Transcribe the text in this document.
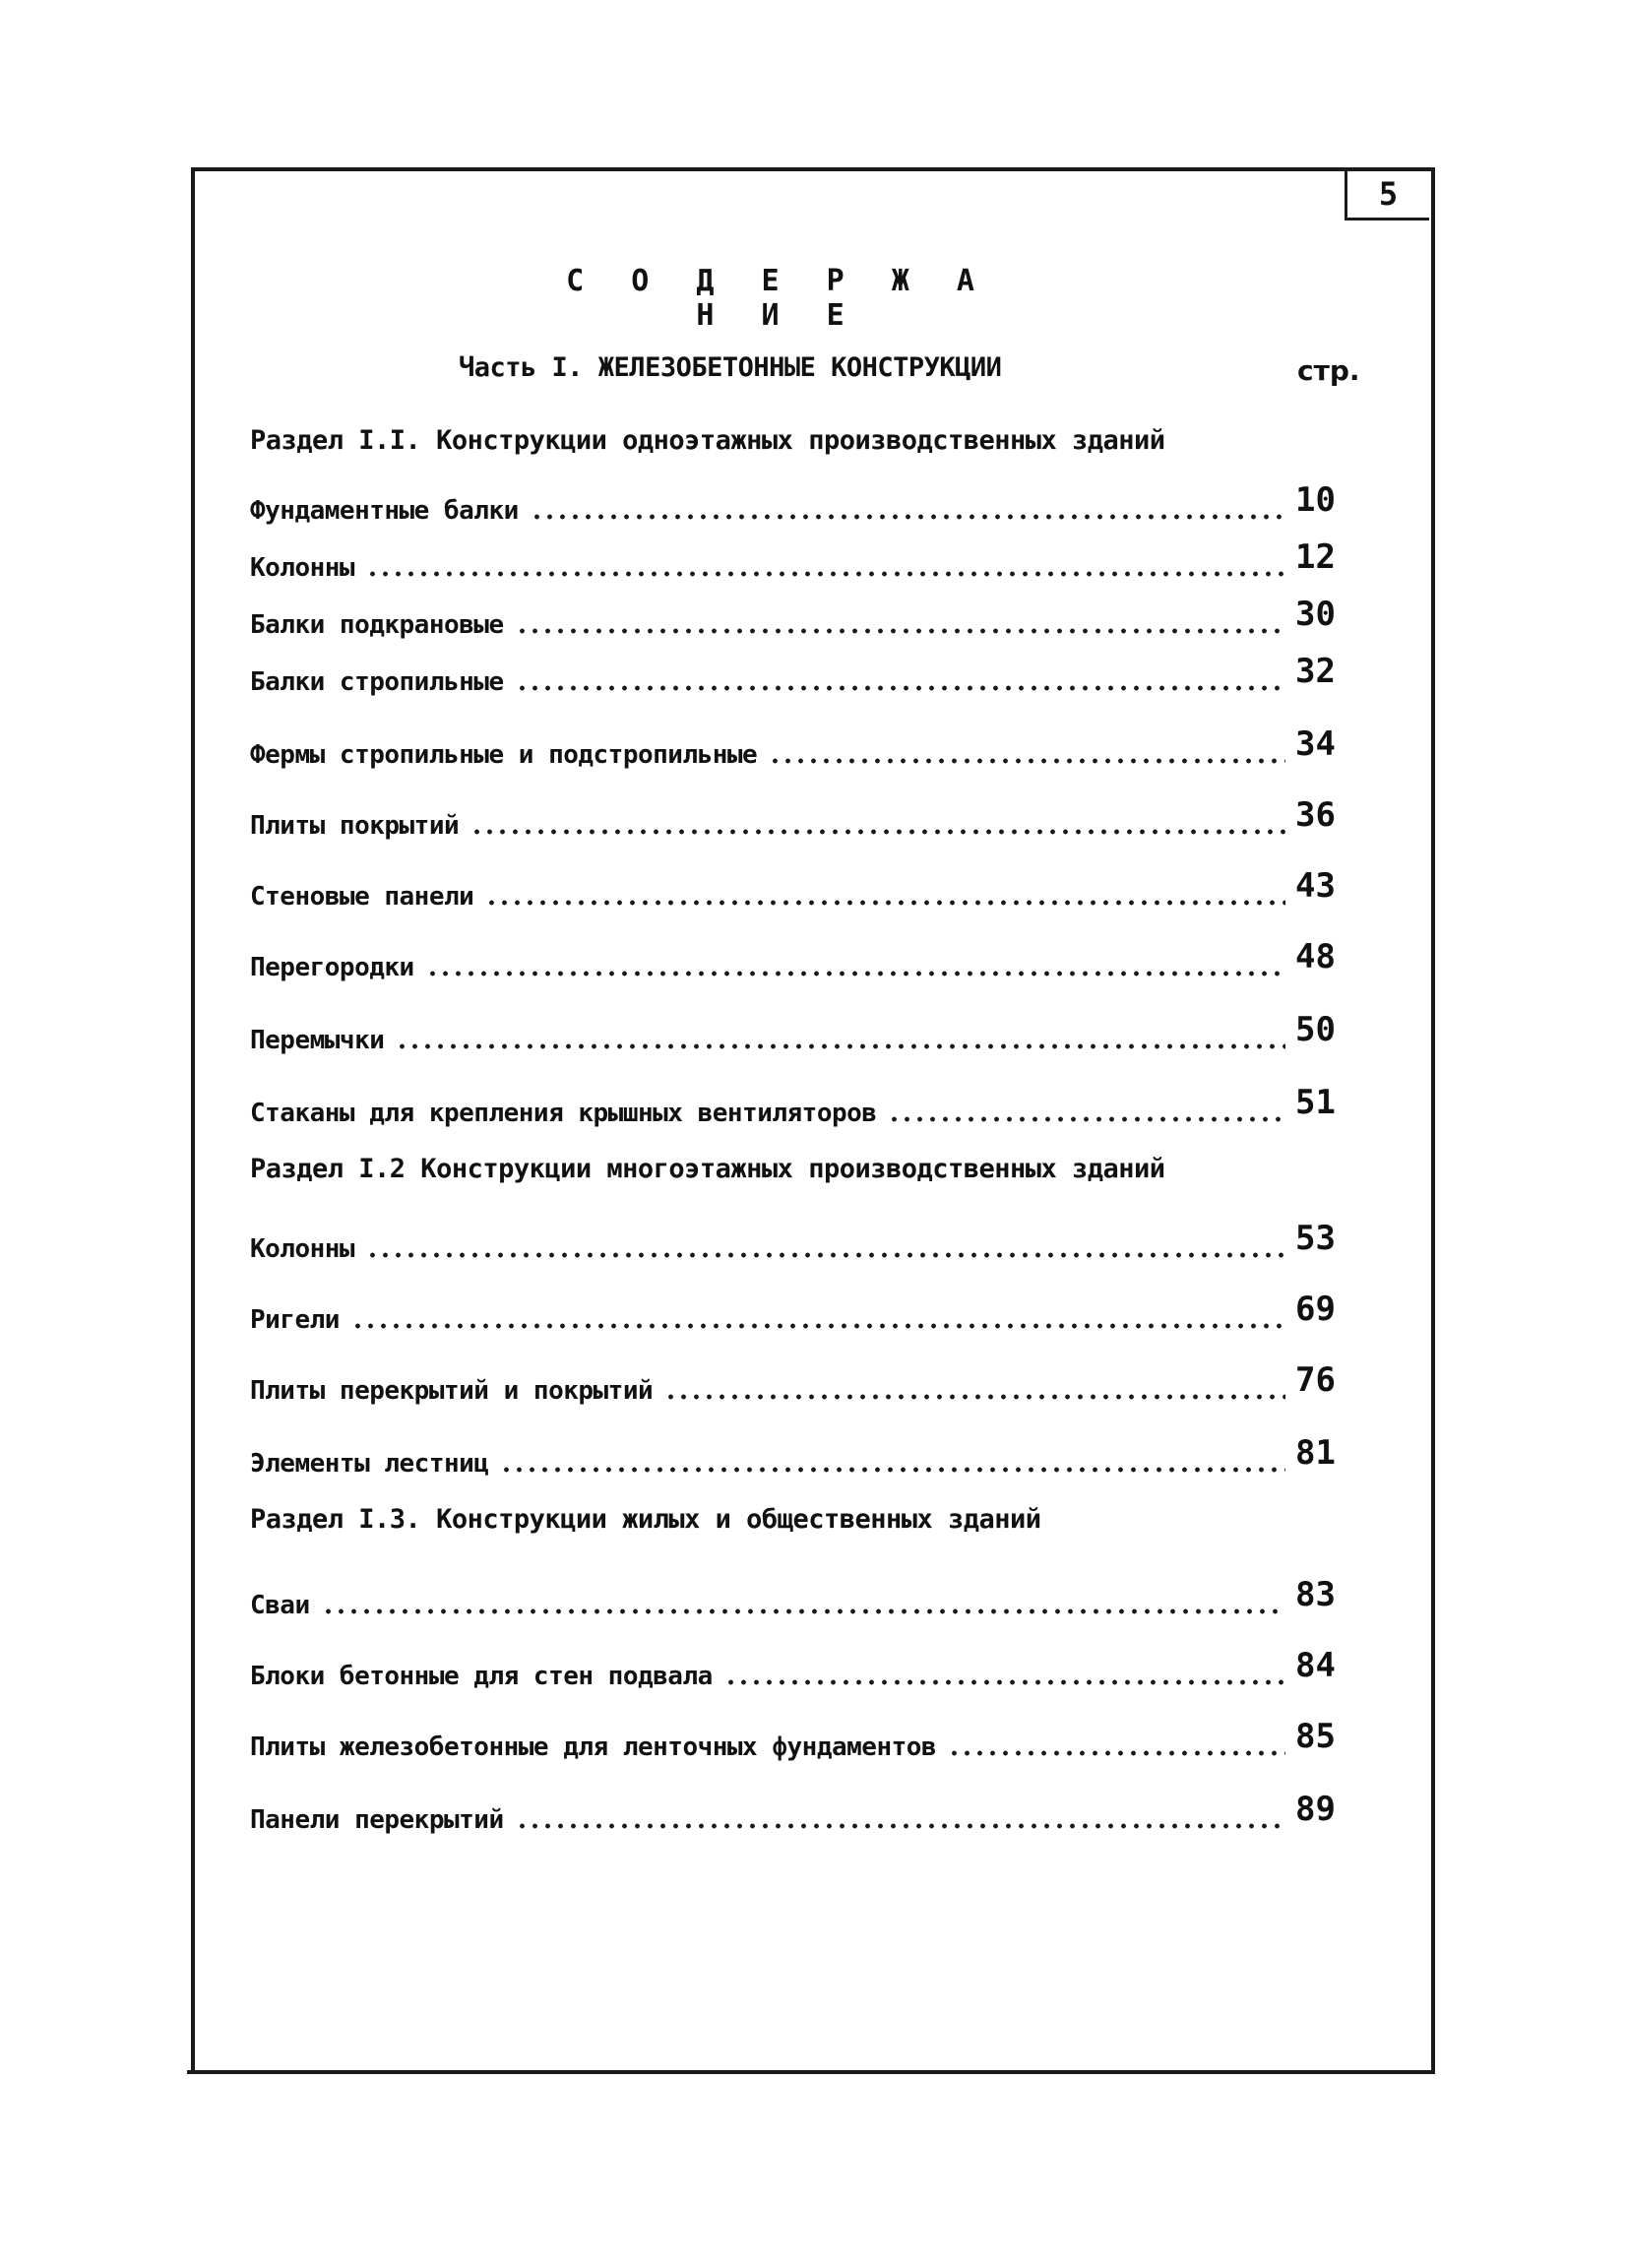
5
С О Д Е Р Ж А Н И Е
Часть I. ЖЕЛЕЗОБЕТОННЫЕ КОНСТРУКЦИИ	стр.
Раздел I.I. Конструкции одноэтажных производственных зданий
Фундаментные балки	10
Колонны	12
Балки подкрановые	30
Балки стропильные	32
Фермы стропильные и подстропильные	34
Плиты покрытий	36
Стеновые панели	43
Перегородки	48
Перемычки	50
Стаканы для крепления крышных вентиляторов	51
Раздел I.2 Конструкции многоэтажных производственных зданий
Колонны	53
Ригели	69
Плиты перекрытий и покрытий	76
Элементы лестниц	81
Раздел I.3. Конструкции жилых и общественных зданий
Сваи	83
Блоки бетонные для стен подвала	84
Плиты железобетонные для ленточных фундаментов	85
Панели перекрытий	89
